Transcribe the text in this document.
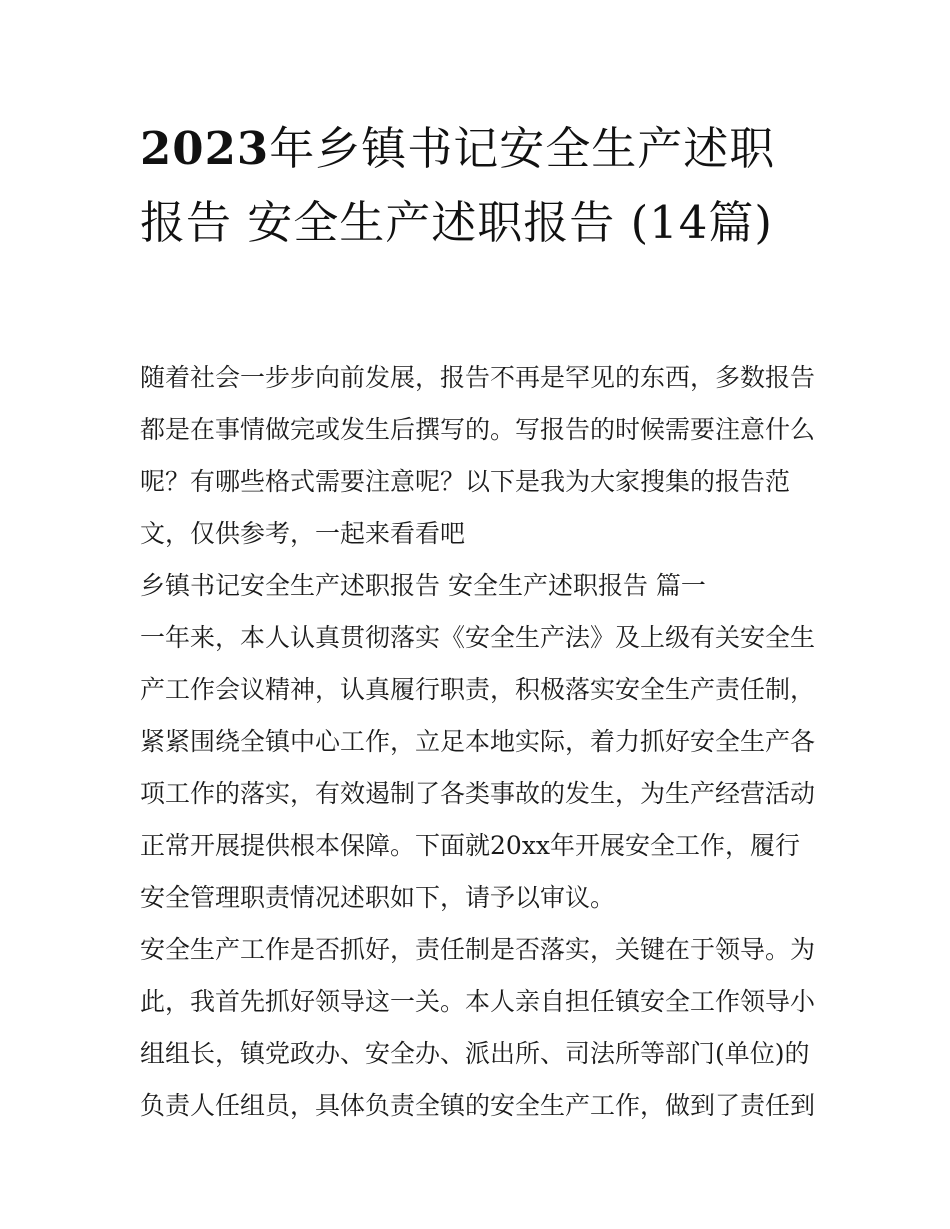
2023年乡镇书记安全生产述职报告 安全生产述职报告 (14篇)

随着社会一步步向前发展，报告不再是罕见的东西，多数报告都是在事情做完或发生后撰写的。写报告的时候需要注意什么呢？有哪些格式需要注意呢？以下是我为大家搜集的报告范文，仅供参考，一起来看看吧

乡镇书记安全生产述职报告 安全生产述职报告 篇一

一年来，本人认真贯彻落实《安全生产法》及上级有关安全生产工作会议精神，认真履行职责，积极落实安全生产责任制，紧紧围绕全镇中心工作，立足本地实际，着力抓好安全生产各项工作的落实，有效遏制了各类事故的发生，为生产经营活动正常开展提供根本保障。下面就20xx年开展安全工作，履行安全管理职责情况述职如下，请予以审议。

安全生产工作是否抓好，责任制是否落实，关键在于领导。为此，我首先抓好领导这一关。本人亲自担任镇安全工作领导小组组长，镇党政办、安全办、派出所、司法所等部门(单位)的负责人任组员，具体负责全镇的安全生产工作，做到了责任到
